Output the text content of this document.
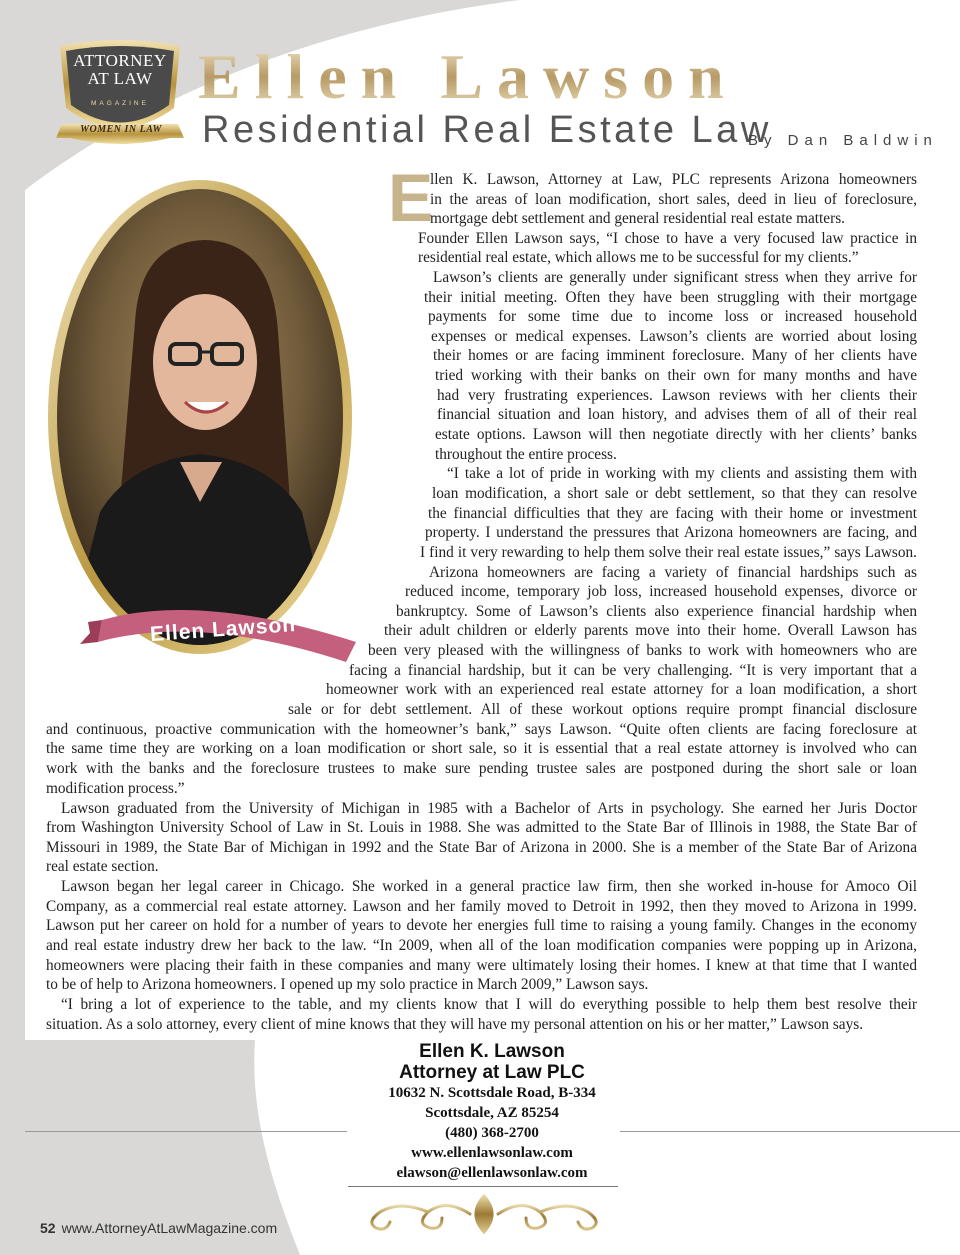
ATTORNEY
AT LAW
MAGAZINE
WOMEN IN LAW
Ellen Lawson
Residential Real Estate Law
By Dan Baldwin
Ellen Lawson
E
llen K. Lawson, Attorney at Law, PLC represents Arizona homeowners
in the areas of loan modification, short sales, deed in lieu of foreclosure,
mortgage debt settlement and general residential real estate matters.
Founder Ellen Lawson says, “I chose to have a very focused law practice in
residential real estate, which allows me to be successful for my clients.”
Lawson’s clients are generally under significant stress when they arrive for
their initial meeting. Often they have been struggling with their mortgage
payments for some time due to income loss or increased household
expenses or medical expenses. Lawson’s clients are worried about losing
their homes or are facing imminent foreclosure. Many of her clients have
tried working with their banks on their own for many months and have
had very frustrating experiences. Lawson reviews with her clients their
financial situation and loan history, and advises them of all of their real
estate options. Lawson will then negotiate directly with her clients’ banks
throughout the entire process.
“I take a lot of pride in working with my clients and assisting them with
loan modification, a short sale or debt settlement, so that they can resolve
the financial difficulties that they are facing with their home or investment
property. I understand the pressures that Arizona homeowners are facing, and
I find it very rewarding to help them solve their real estate issues,” says Lawson.
Arizona homeowners are facing a variety of financial hardships such as
reduced income, temporary job loss, increased household expenses, divorce or
bankruptcy. Some of Lawson’s clients also experience financial hardship when
their adult children or elderly parents move into their home. Overall Lawson has
been very pleased with the willingness of banks to work with homeowners who are
facing a financial hardship, but it can be very challenging. “It is very important that a
homeowner work with an experienced real estate attorney for a loan modification, a short
sale or for debt settlement. All of these workout options require prompt financial disclosure
and continuous, proactive communication with the homeowner’s bank,” says Lawson. “Quite often clients are facing foreclosure at
the same time they are working on a loan modification or short sale, so it is essential that a real estate attorney is involved who can
work with the banks and the foreclosure trustees to make sure pending trustee sales are postponed during the short sale or loan
modification process.”
Lawson graduated from the University of Michigan in 1985 with a Bachelor of Arts in psychology. She earned her Juris Doctor
from Washington University School of Law in St. Louis in 1988. She was admitted to the State Bar of Illinois in 1988, the State Bar of
Missouri in 1989, the State Bar of Michigan in 1992 and the State Bar of Arizona in 2000. She is a member of the State Bar of Arizona
real estate section.
Lawson began her legal career in Chicago. She worked in a general practice law firm, then she worked in-house for Amoco Oil
Company, as a commercial real estate attorney. Lawson and her family moved to Detroit in 1992, then they moved to Arizona in 1999.
Lawson put her career on hold for a number of years to devote her energies full time to raising a young family. Changes in the economy
and real estate industry drew her back to the law. “In 2009, when all of the loan modification companies were popping up in Arizona,
homeowners were placing their faith in these companies and many were ultimately losing their homes. I knew at that time that I wanted
to be of help to Arizona homeowners. I opened up my solo practice in March 2009,” Lawson says.
“I bring a lot of experience to the table, and my clients know that I will do everything possible to help them best resolve their
situation. As a solo attorney, every client of mine knows that they will have my personal attention on his or her matter,” Lawson says.
Ellen K. Lawson
Attorney at Law PLC
10632 N. Scottsdale Road, B-334
Scottsdale, AZ 85254
(480) 368-2700
www.ellenlawsonlaw.com
elawson@ellenlawsonlaw.com
52 www.AttorneyAtLawMagazine.com
